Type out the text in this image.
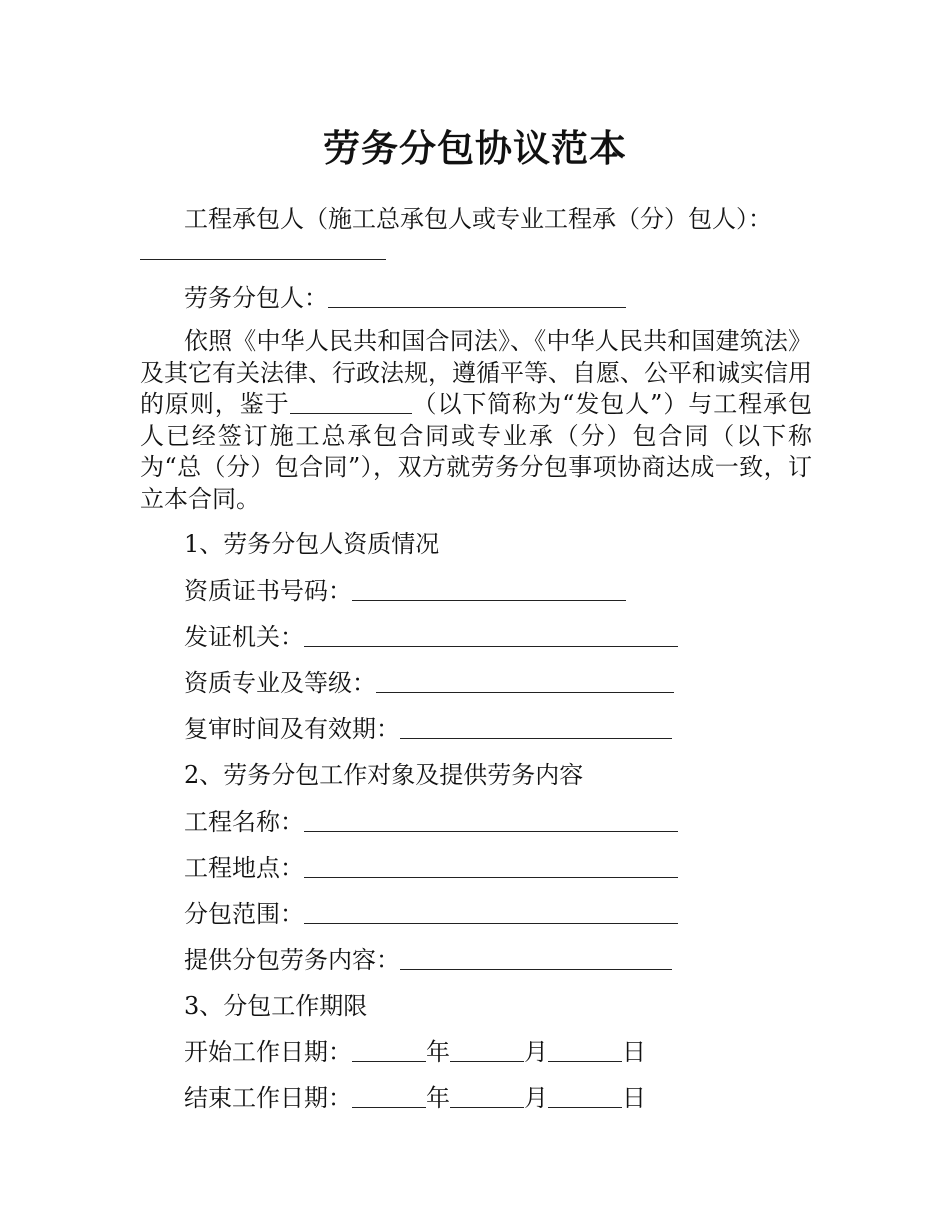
劳务分包协议范本
工程承包人（施工总承包人或专业工程承（分）包人）：
劳务分包人：
依照《中华人民共和国合同法》、《中华人民共和国建筑法》及其它有关法律、行政法规，遵循平等、自愿、公平和诚实信用的原则，鉴于	（以下简称为“发包人”）与工程承包人已经签订施工总承包合同或专业承（分）包合同（以下称为“总（分）包合同”），双方就劳务分包事项协商达成一致，订立本合同。
1、劳务分包人资质情况
资质证书号码：
发证机关：
资质专业及等级：
复审时间及有效期：
2、劳务分包工作对象及提供劳务内容
工程名称：
工程地点：
分包范围：
提供分包劳务内容：
3、分包工作期限
开始工作日期：	年	月	日
结束工作日期：	年	月	日
